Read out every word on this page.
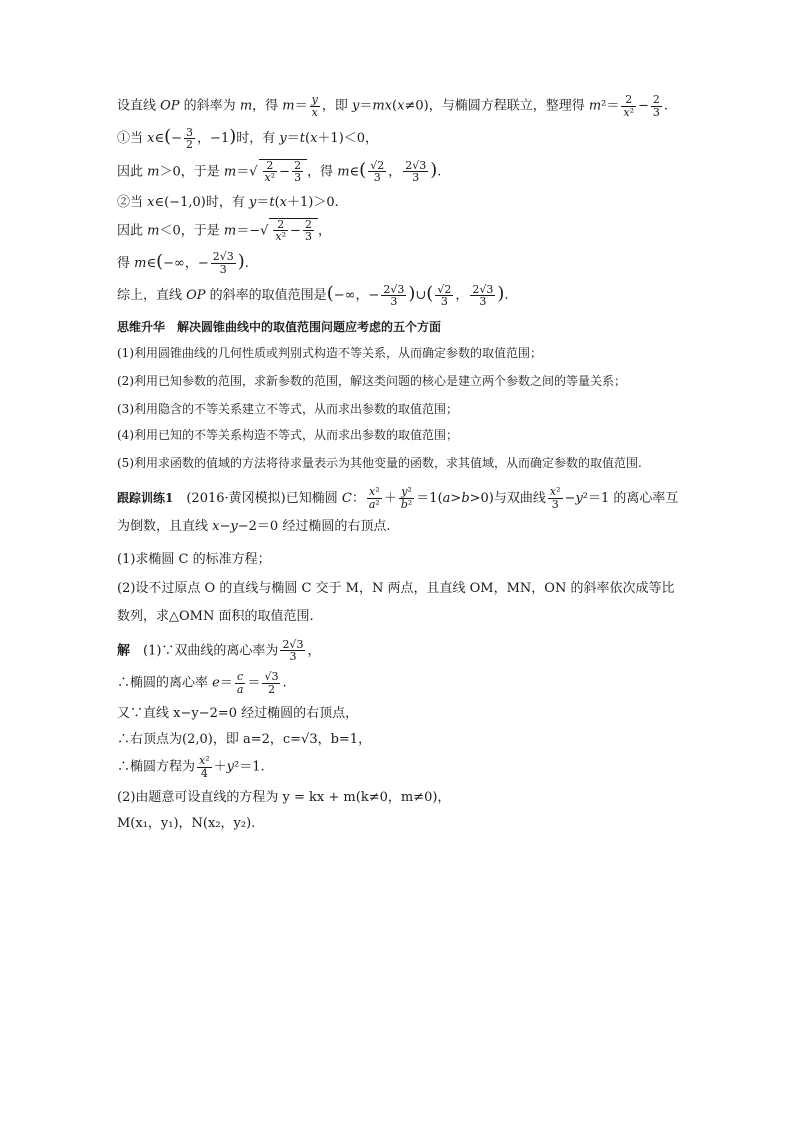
设直线 OP 的斜率为 m，得 $m= \frac{y}{x}$ ，即 y＝mx(x≠0)，与椭圆方程联立，整理得 $m^2= \frac{2}{\text{x²}} - \frac{2}{3}$ .
①当 x∈(− $\frac{3}{2}$ ，−1)时，有 y＝t(x＋1)＜0，
因此 m＞0，于是 $m=√ \frac{2}{\text{x²}} - \frac{2}{3}$ ，得 m∈( $\frac{√2}{3}$ ， $\frac{2√3}{3}$ ).
②当 x∈(−1,0)时，有 y＝t(x＋1)＞0.
因此 m＜0，于是 $m=-√ \frac{2}{\text{x²}} - \frac{2}{3}$ ，
得 m∈(−∞，− $\frac{2√3}{3}$ ).
综上，直线 OP 的斜率的取值范围是(−∞，− $\frac{2√3}{3}$ )∪( $\frac{√2}{3}$ ， $\frac{2√3}{3}$ ).
思维升华　解决圆锥曲线中的取值范围问题应考虑的五个方面
(1)利用圆锥曲线的几何性质或判别式构造不等关系，从而确定参数的取值范围；
(2)利用已知参数的范围，求新参数的范围，解这类问题的核心是建立两个参数之间的等量关系；
(3)利用隐含的不等关系建立不等式，从而求出参数的取值范围；
(4)利用已知的不等关系构造不等式，从而求出参数的取值范围；
(5)利用求函数的值域的方法将待求量表示为其他变量的函数，求其值域，从而确定参数的取值范围.
跟踪训练1　(2016·黄冈模拟)已知椭圆 C： $\frac{\text{x²}}{\text{a²}} + \frac{\text{y²}}{\text{b²}} =1(a>b>0)$与双曲线 $\frac{\text{x²}}{3} -y^2=1$ 的离心率互为倒数，且直线 x−y−2＝0 经过椭圆的右顶点.
(1)求椭圆 C 的标准方程；
(2)设不过原点 O 的直线与椭圆 C 交于 M，N 两点，且直线 OM，MN，ON 的斜率依次成等比数列，求△OMN 面积的取值范围.
解　(1)∵双曲线的离心率为 $\frac{2√3}{3}$ ，
∴椭圆的离心率 $e= \frac{c}{a} = \frac{√3}{2}$ .
又∵直线 x−y−2=0 经过椭圆的右顶点，
∴右顶点为(2,0)，即 a=2，c=√3，b=1，
∴椭圆方程为 $\frac{\text{x²}}{4} +y^2=1$.
(2)由题意可设直线的方程为 y = kx + m(k≠0，m≠0)，
M(x₁，y₁)，N(x₂，y₂).
